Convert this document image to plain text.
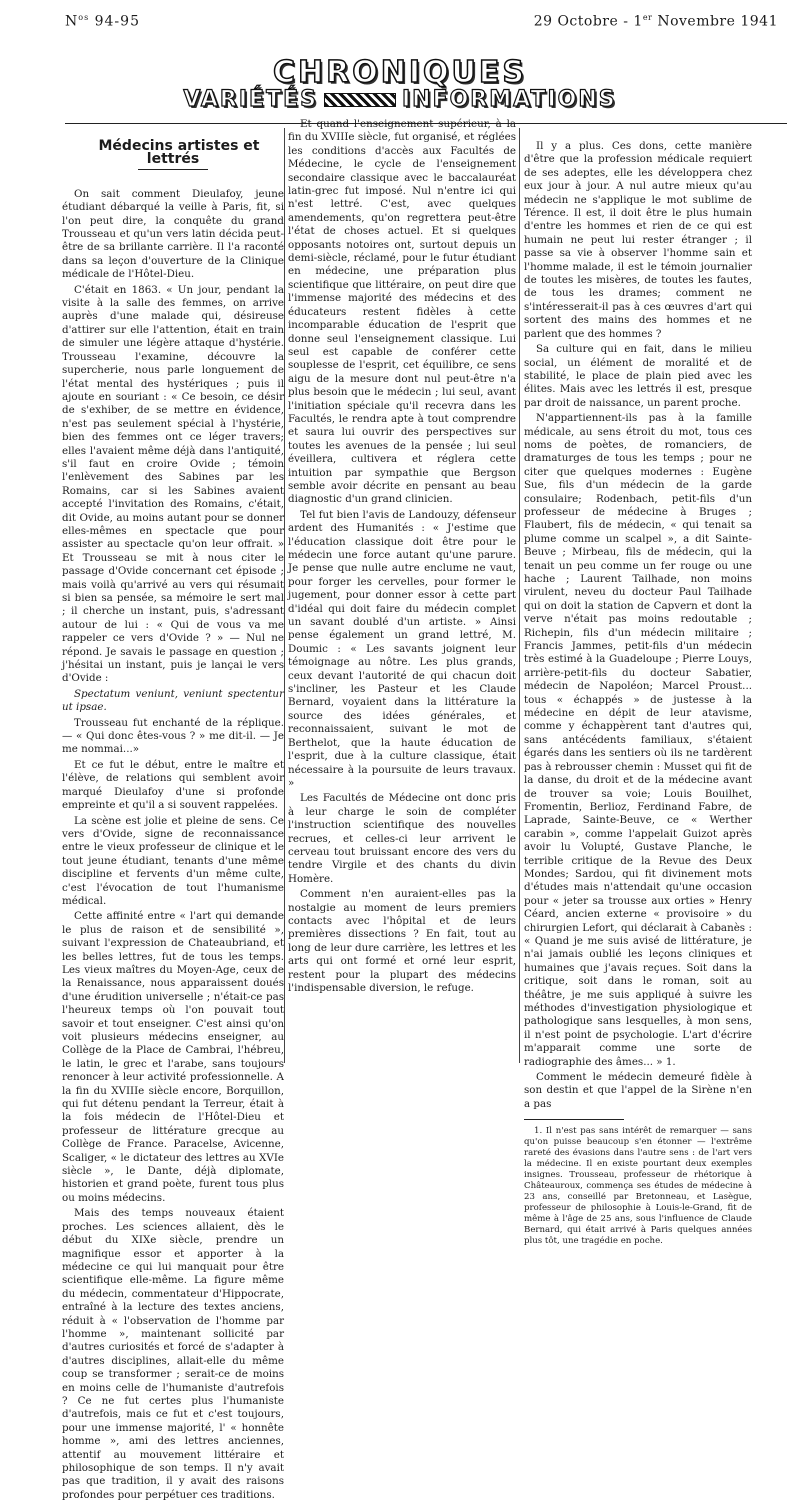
$N^{os}$ 94-95	29 Octobre - 1er Novembre 1941
CHRONIQUES
VARIÉTÉS	INFORMATIONS

Médecins artistes et lettrés

On sait comment Dieulafoy, jeune étudiant débarqué la veille à Paris, fit, si l'on peut dire, la conquête du grand Trousseau et qu'un vers latin décida peut-être de sa brillante carrière. Il l'a raconté dans sa leçon d'ouverture de la Clinique médicale de l'Hôtel-Dieu.

C'était en 1863. « Un jour, pendant la visite à la salle des femmes, on arrive auprès d'une malade qui, désireuse d'attirer sur elle l'attention, était en train de simuler une légère attaque d'hystérie. Trousseau l'examine, découvre la supercherie, nous parle longuement de l'état mental des hystériques ; puis il ajoute en souriant : « Ce besoin, ce désir de s'exhiber, de se mettre en évidence, n'est pas seulement spécial à l'hystérie, bien des femmes ont ce léger travers; elles l'avaient même déjà dans l'antiquité, s'il faut en croire Ovide ; témoin l'enlèvement des Sabines par les Romains, car si les Sabines avaient accepté l'invitation des Romains, c'était, dit Ovide, au moins autant pour se donner elles-mêmes en spectacle que pour assister au spectacle qu'on leur offrait. » Et Trousseau se mit à nous citer le passage d'Ovide concernant cet épisode ; mais voilà qu'arrivé au vers qui résumait si bien sa pensée, sa mémoire le sert mal ; il cherche un instant, puis, s'adressant autour de lui : « Qui de vous va me rappeler ce vers d'Ovide ? » — Nul ne répond. Je savais le passage en question ; j'hésitai un instant, puis je lançai le vers d'Ovide :

Spectatum veniunt, veniunt spectentur ut ipsae.

Trousseau fut enchanté de la réplique. — « Qui donc êtes-vous ? » me dit-il. — Je me nommai...»

Et ce fut le début, entre le maître et l'élève, de relations qui semblent avoir marqué Dieulafoy d'une si profonde empreinte et qu'il a si souvent rappelées.

La scène est jolie et pleine de sens. Ce vers d'Ovide, signe de reconnaissance entre le vieux professeur de clinique et le tout jeune étudiant, tenants d'une même discipline et fervents d'un même culte, c'est l'évocation de tout l'humanisme médical.

Cette affinité entre « l'art qui demande le plus de raison et de sensibilité », suivant l'expression de Chateaubriand, et les belles lettres, fut de tous les temps. Les vieux maîtres du Moyen-Age, ceux de la Renaissance, nous apparaissent doués d'une érudition universelle ; n'était-ce pas l'heureux temps où l'on pouvait tout savoir et tout enseigner. C'est ainsi qu'on voit plusieurs médecins enseigner, au Collège de la Place de Cambrai, l'hébreu, le latin, le grec et l'arabe, sans toujours renoncer à leur activité professionnelle. A la fin du XVIIIe siècle encore, Borquillon, qui fut détenu pendant la Terreur, était à la fois médecin de l'Hôtel-Dieu et professeur de littérature grecque au Collège de France. Paracelse, Avicenne, Scaliger, « le dictateur des lettres au XVIe siècle », le Dante, déjà diplomate, historien et grand poète, furent tous plus ou moins médecins.

Mais des temps nouveaux étaient proches. Les sciences allaient, dès le début du XIXe siècle, prendre un magnifique essor et apporter à la médecine ce qui lui manquait pour être scientifique elle-même. La figure même du médecin, commentateur d'Hippocrate, entraîné à la lecture des textes anciens, réduit à « l'observation de l'homme par l'homme », maintenant sollicité par d'autres curiosités et forcé de s'adapter à d'autres disciplines, allait-elle du même coup se transformer ; serait-ce de moins en moins celle de l'humaniste d'autrefois ? Ce ne fut certes plus l'humaniste d'autrefois, mais ce fut et c'est toujours, pour une immense majorité, l' « honnête homme », ami des lettres anciennes, attentif au mouvement littéraire et philosophique de son temps. Il n'y avait pas que tradition, il y avait des raisons profondes pour perpétuer ces traditions.

Et quand l'enseignement supérieur, à la fin du XVIIIe siècle, fut organisé, et réglées les conditions d'accès aux Facultés de Médecine, le cycle de l'enseignement secondaire classique avec le baccalauréat latin-grec fut imposé. Nul n'entre ici qui n'est lettré. C'est, avec quelques amendements, qu'on regrettera peut-être l'état de choses actuel. Et si quelques opposants notoires ont, surtout depuis un demi-siècle, réclamé, pour le futur étudiant en médecine, une préparation plus scientifique que littéraire, on peut dire que l'immense majorité des médecins et des éducateurs restent fidèles à cette incomparable éducation de l'esprit que donne seul l'enseignement classique. Lui seul est capable de conférer cette souplesse de l'esprit, cet équilibre, ce sens aigu de la mesure dont nul peut-être n'a plus besoin que le médecin ; lui seul, avant l'initiation spéciale qu'il recevra dans les Facultés, le rendra apte à tout comprendre et saura lui ouvrir des perspectives sur toutes les avenues de la pensée ; lui seul éveillera, cultivera et réglera cette intuition par sympathie que Bergson semble avoir décrite en pensant au beau diagnostic d'un grand clinicien.

Tel fut bien l'avis de Landouzy, défenseur ardent des Humanités : « J'estime que l'éducation classique doit être pour le médecin une force autant qu'une parure. Je pense que nulle autre enclume ne vaut, pour forger les cervelles, pour former le jugement, pour donner essor à cette part d'idéal qui doit faire du médecin complet un savant doublé d'un artiste. » Ainsi pense également un grand lettré, M. Doumic : « Les savants joignent leur témoignage au nôtre. Les plus grands, ceux devant l'autorité de qui chacun doit s'incliner, les Pasteur et les Claude Bernard, voyaient dans la littérature la source des idées générales, et reconnaissaient, suivant le mot de Berthelot, que la haute éducation de l'esprit, due à la culture classique, était nécessaire à la poursuite de leurs travaux. »

Les Facultés de Médecine ont donc pris à leur charge le soin de compléter l'instruction scientifique des nouvelles recrues, et celles-ci leur arrivent le cerveau tout bruissant encore des vers du tendre Virgile et des chants du divin Homère.

Comment n'en auraient-elles pas la nostalgie au moment de leurs premiers contacts avec l'hôpital et de leurs premières dissections ? En fait, tout au long de leur dure carrière, les lettres et les arts qui ont formé et orné leur esprit, restent pour la plupart des médecins l'indispensable diversion, le refuge.

Il y a plus. Ces dons, cette manière d'être que la profession médicale requiert de ses adeptes, elle les développera chez eux jour à jour. A nul autre mieux qu'au médecin ne s'applique le mot sublime de Térence. Il est, il doit être le plus humain d'entre les hommes et rien de ce qui est humain ne peut lui rester étranger ; il passe sa vie à observer l'homme sain et l'homme malade, il est le témoin journalier de toutes les misères, de toutes les fautes, de tous les drames; comment ne s'intéresserait-il pas à ces œuvres d'art qui sortent des mains des hommes et ne parlent que des hommes ?

Sa culture qui en fait, dans le milieu social, un élément de moralité et de stabilité, le place de plain pied avec les élites. Mais avec les lettrés il est, presque par droit de naissance, un parent proche.

N'appartiennent-ils pas à la famille médicale, au sens étroit du mot, tous ces noms de poètes, de romanciers, de dramaturges de tous les temps ; pour ne citer que quelques modernes : Eugène Sue, fils d'un médecin de la garde consulaire; Rodenbach, petit-fils d'un professeur de médecine à Bruges ; Flaubert, fils de médecin, « qui tenait sa plume comme un scalpel », a dit Sainte-Beuve ; Mirbeau, fils de médecin, qui la tenait un peu comme un fer rouge ou une hache ; Laurent Tailhade, non moins virulent, neveu du docteur Paul Tailhade qui on doit la station de Capvern et dont la verve n'était pas moins redoutable ; Richepin, fils d'un médecin militaire ; Francis Jammes, petit-fils d'un médecin très estimé à la Guadeloupe ; Pierre Louys, arrière-petit-fils du docteur Sabatier, médecin de Napoléon; Marcel Proust... tous « échappés » de justesse à la médecine en dépit de leur atavisme, comme y échappèrent tant d'autres qui, sans antécédents familiaux, s'étaient égarés dans les sentiers où ils ne tardèrent pas à rebrousser chemin : Musset qui fit de la danse, du droit et de la médecine avant de trouver sa voie; Louis Bouilhet, Fromentin, Berlioz, Ferdinand Fabre, de Laprade, Sainte-Beuve, ce « Werther carabin », comme l'appelait Guizot après avoir lu Volupté, Gustave Planche, le terrible critique de la Revue des Deux Mondes; Sardou, qui fit divinement mots d'études mais n'attendait qu'une occasion pour « jeter sa trousse aux orties » Henry Céard, ancien externe « provisoire » du chirurgien Lefort, qui déclarait à Cabanès : « Quand je me suis avisé de littérature, je n'ai jamais oublié les leçons cliniques et humaines que j'avais reçues. Soit dans la critique, soit dans le roman, soit au théâtre, je me suis appliqué à suivre les méthodes d'investigation physiologique et pathologique sans lesquelles, à mon sens, il n'est point de psychologie. L'art d'écrire m'apparait comme une sorte de radiographie des âmes... » 1.

Comment le médecin demeuré fidèle à son destin et que l'appel de la Sirène n'en a pas

1. Il n'est pas sans intérêt de remarquer — sans qu'on puisse beaucoup s'en étonner — l'extrême rareté des évasions dans l'autre sens : de l'art vers la médecine. Il en existe pourtant deux exemples insignes. Trousseau, professeur de rhétorique à Châteauroux, commença ses études de médecine à 23 ans, conseillé par Bretonneau, et Lasègue, professeur de philosophie à Louis-le-Grand, fit de même à l'âge de 25 ans, sous l'influence de Claude Bernard, qui était arrivé à Paris quelques années plus tôt, une tragédie en poche.
